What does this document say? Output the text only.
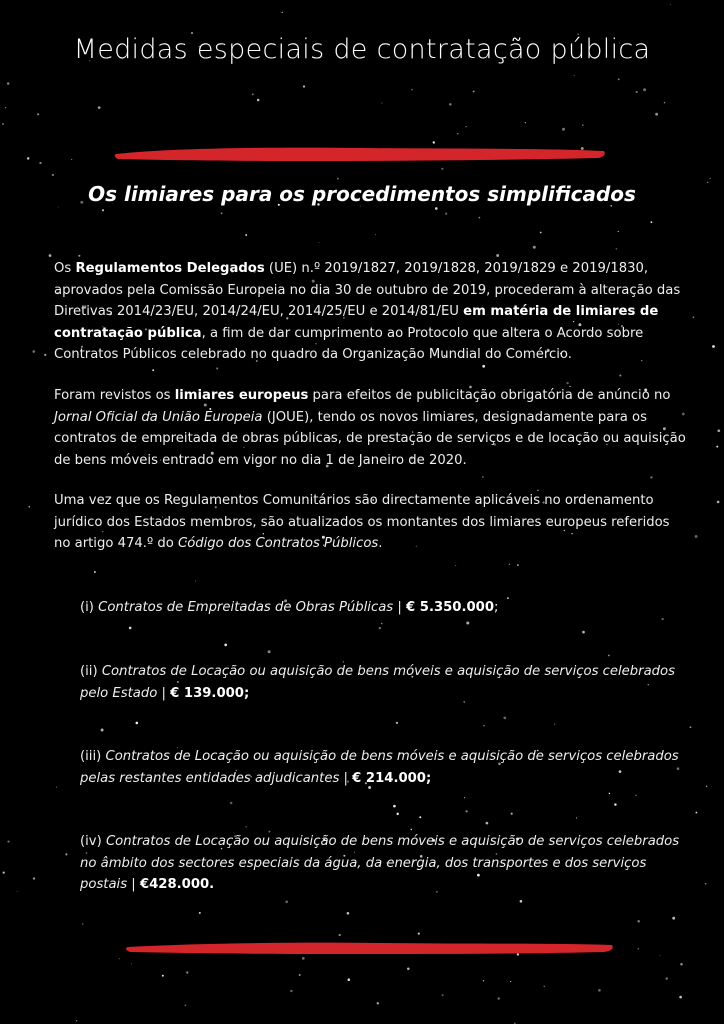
Medidas especiais de contratação pública
Os limiares para os procedimentos simplificados

Os Regulamentos Delegados (UE) n.º 2019/1827, 2019/1828, 2019/1829 e 2019/1830, aprovados pela Comissão Europeia no dia 30 de outubro de 2019, procederam à alteração das Diretivas 2014/23/EU, 2014/24/EU, 2014/25/EU e 2014/81/EU em matéria de limiares de contratação pública, a fim de dar cumprimento ao Protocolo que altera o Acordo sobre Contratos Públicos celebrado no quadro da Organização Mundial do Comércio.

Foram revistos os limiares europeus para efeitos de publicitação obrigatória de anúncio no Jornal Oficial da União Europeia (JOUE), tendo os novos limiares, designadamente para os contratos de empreitada de obras públicas, de prestação de serviços e de locação ou aquisição de bens móveis entrado em vigor no dia 1 de Janeiro de 2020.

Uma vez que os Regulamentos Comunitários são directamente aplicáveis no ordenamento jurídico dos Estados membros, são atualizados os montantes dos limiares europeus referidos no artigo 474.º do Código dos Contratos Públicos.

(i) Contratos de Empreitadas de Obras Públicas | € 5.350.000;

(ii) Contratos de Locação ou aquisição de bens móveis e aquisição de serviços celebrados pelo Estado | € 139.000;

(iii) Contratos de Locação ou aquisição de bens móveis e aquisição de serviços celebrados pelas restantes entidades adjudicantes | € 214.000;

(iv) Contratos de Locação ou aquisição de bens móveis e aquisição de serviços celebrados no âmbito dos sectores especiais da água, da energia, dos transportes e dos serviços postais | €428.000.
